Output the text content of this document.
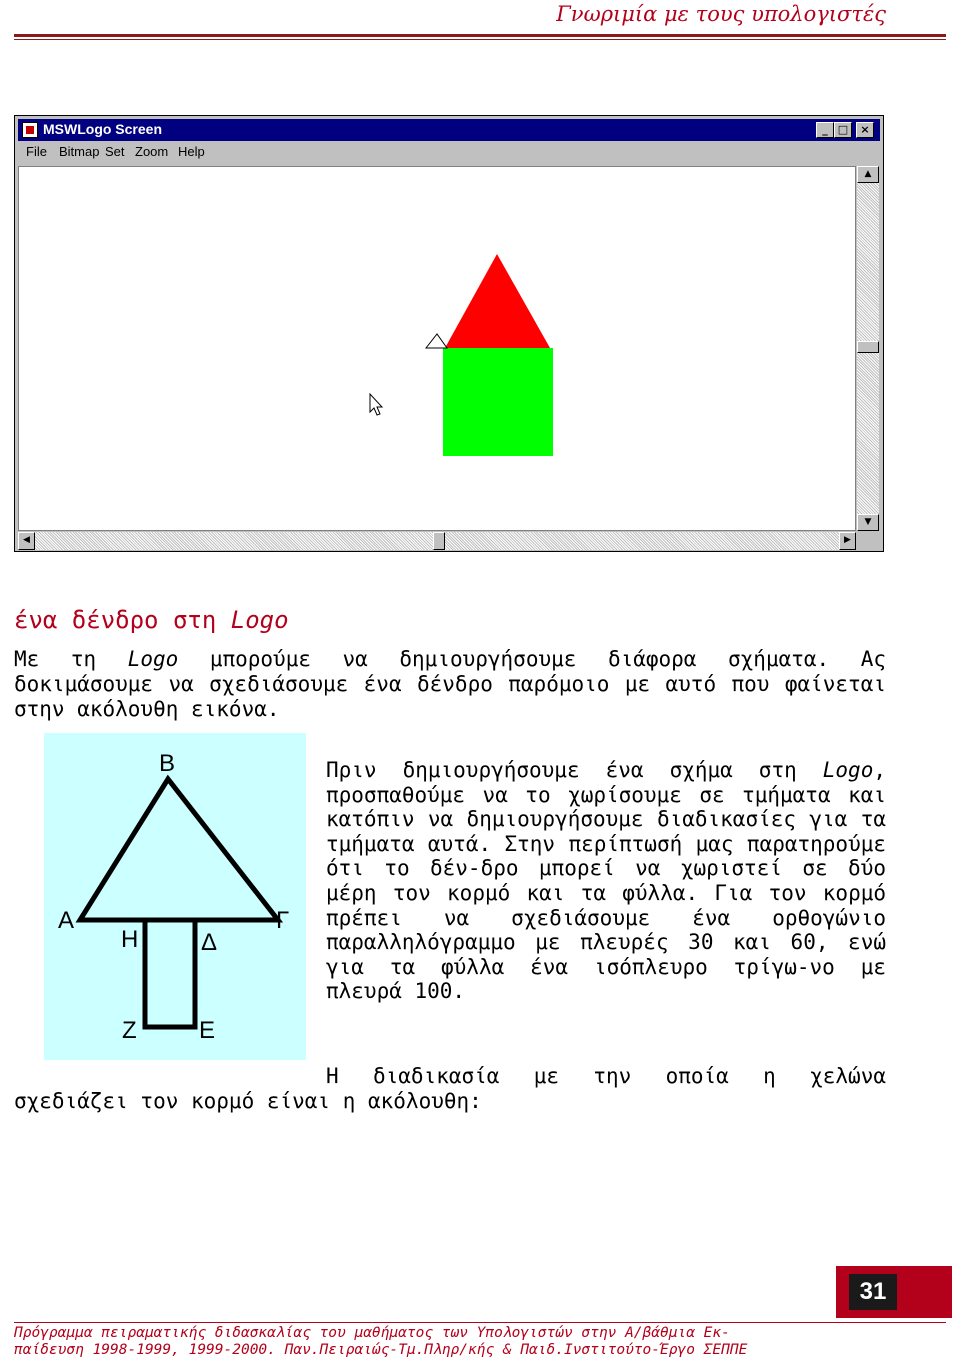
Γνωριμία με τους υπολογιστές
MSWLogo Screen	_ □	×
File Bitmap Set Zoom Help
▲
▼
◀	▶
ένα δένδρο στη Logo

Με τη Logo μπορούμε να δημιουργήσουμε διάφορα σχήματα. Ας δοκιμάσουμε να σχεδιάσουμε ένα δένδρο παρόμοιο με αυτό που φαίνεται στην ακόλουθη εικόνα.

Β
Α	Γ
Η	Δ
Ζ	Ε

Πριν δημιουργήσουμε ένα σχήμα στη Logo, προσπαθούμε να το χωρίσουμε σε τμήματα και κατόπιν να δημιουργήσουμε διαδικασίες για τα τμήματα αυτά. Στην περίπτωσή μας παρατηρούμε ότι το δέν-δρο μπορεί να χωριστεί σε δύο μέρη τον κορμό και τα φύλλα. Για τον κορμό πρέπει να σχεδιάσουμε ένα ορθογώνιο παραλληλόγραμμο με πλευρές 30 και 60, ενώ για τα φύλλα ένα ισόπλευρο τρίγω-νο με πλευρά 100.

Η διαδικασία με την οποία η χελώνα
σχεδιάζει τον κορμό είναι η ακόλουθη:
31
Πρόγραμμα πειραματικής διδασκαλίας του μαθήματος των Υπολογιστών στην Α/βάθμια Εκ-
παίδευση 1998-1999, 1999-2000. Παν.Πειραιώς-Τμ.Πληρ/κής & Παιδ.Ινστιτούτο-Έργο ΣΕΠΠΕ
